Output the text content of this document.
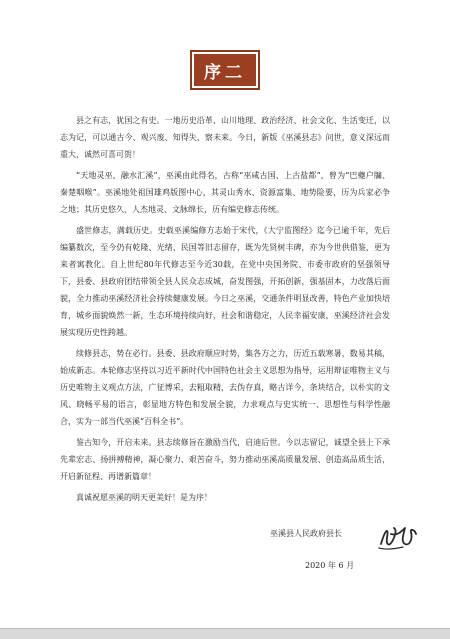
序二

县之有志，犹国之有史。一地历史沿革、山川地理、政治经济、社会文化、生活变迁，以志为记，可以通古今、观兴废、知得失、察未来。今日，新版《巫溪县志》问世，意义深远而重大，诚然可喜可贺！

“天地灵巫，融水汇溪”，巫溪由此得名，古称“巫咸古国、上古盐都”，曾为“巴夔户牖、秦楚咽喉”。巫溪地处祖国雄鸡版图中心，其灵山秀水、资源富集、地势险要，历为兵家必争之地；其历史悠久、人杰地灵、文脉绵长，历有编史修志传统。

盛世修志，满载历史。史载巫溪编修方志始于宋代，《大宁监图经》迄今已逾千年，先后编纂数次，至今仍有乾隆、光绪、民国等旧志留存，既为先贤树丰碑，亦为今世供借鉴，更为来者寓教化。自上世纪80年代修志至今近30载，在党中央国务院、市委市政府的坚强领导下，县委、县政府团结带领全县人民众志成城，奋发图强，开拓创新，强基固本，力改落后面貌，全力推动巫溪经济社会持续健康发展。今日之巫溪，交通条件明显改善，特色产业加快培育，城乡面貌焕然一新，生态环境持续向好，社会和谐稳定，人民幸福安康，巫溪经济社会发展实现历史性跨越。

续修县志，势在必行。县委、县政府顺应时势，集各方之力，历近五载寒暑，数易其稿，始成新志。本轮修志坚持以习近平新时代中国特色社会主义思想为指导，运用辩证唯物主义与历史唯物主义观点方法，广征博采，去粗取精，去伪存真，略古详今，条块结合，以朴实的文风、晓畅平易的语言，彰显地方特色和发展全貌，力求观点与史实统一、思想性与科学性融合，实为一部当代巫溪“百科全书”。

鉴古知今，开启未来。县志续修旨在激励当代，启迪后世。今以志留记，诚望全县上下承先辈宏志、扬拼搏精神，凝心聚力、艰苦奋斗，努力推动巫溪高质量发展、创造高品质生活，开启新征程、再谱新篇章！

真诚祝愿巫溪的明天更美好！是为序！

巫溪县人民政府县长
2020 年 6 月
